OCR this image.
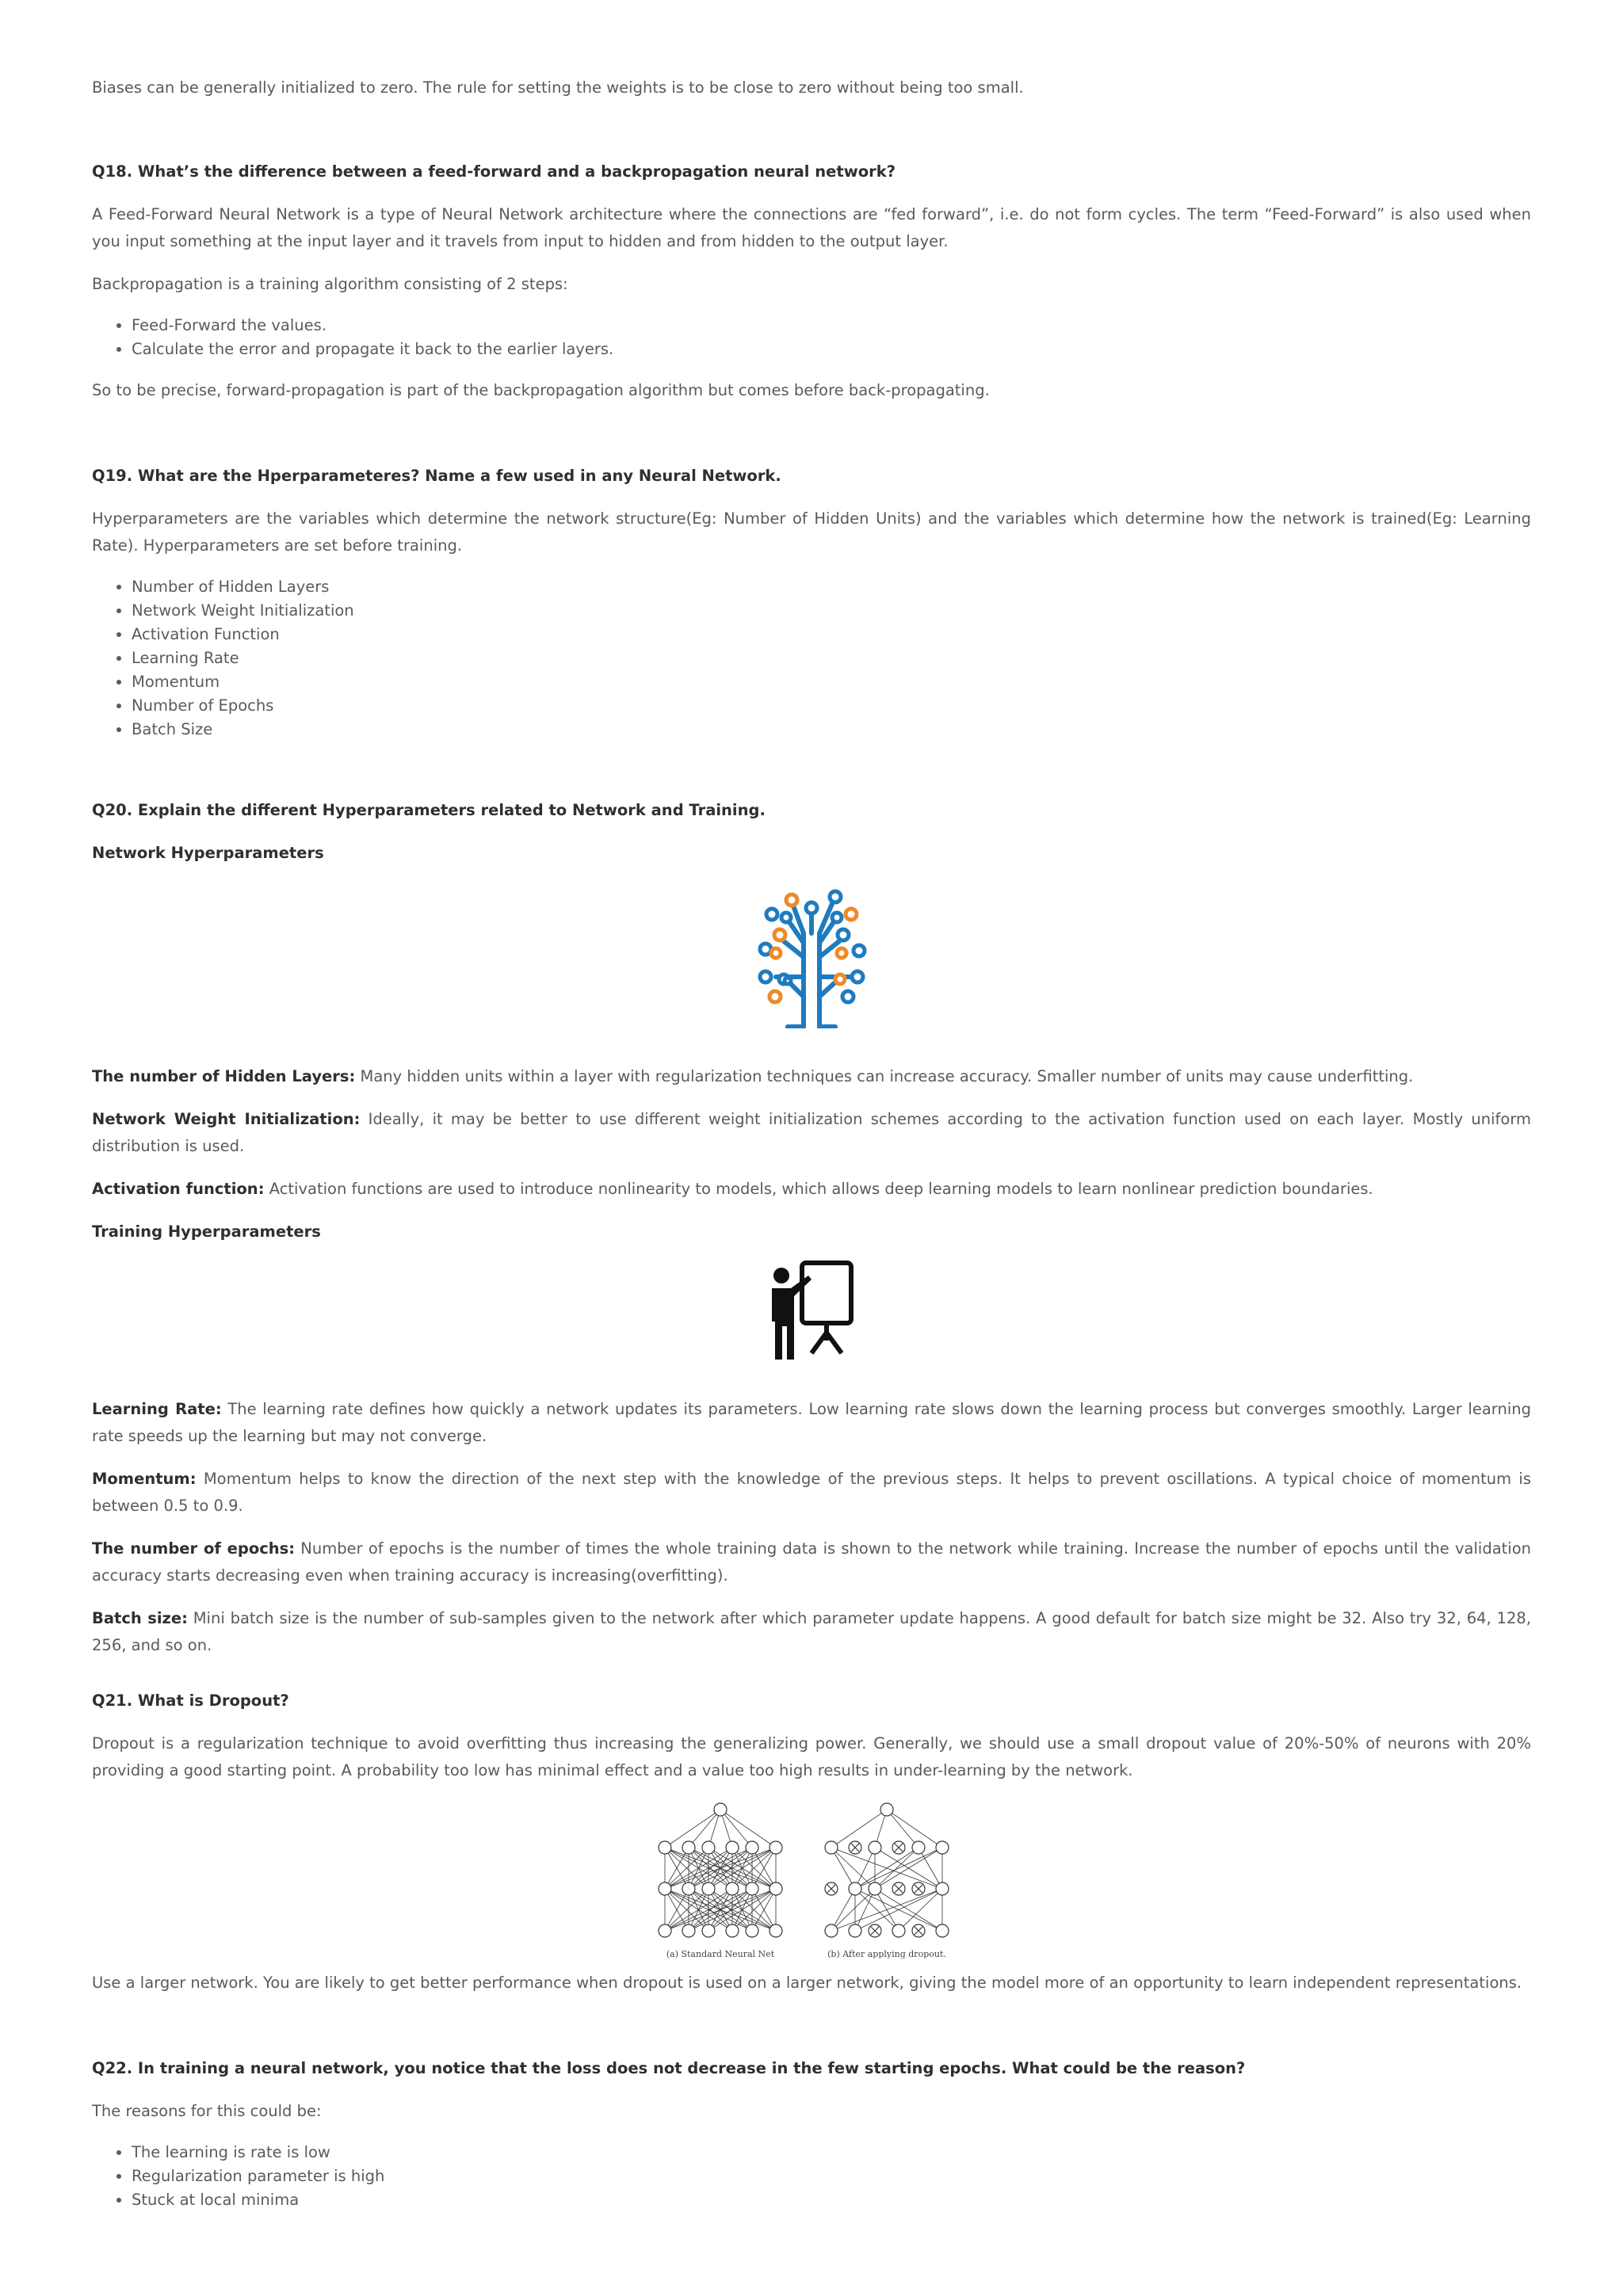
Biases can be generally initialized to zero. The rule for setting the weights is to be close to zero without being too small.

Q18. What’s the difference between a feed-forward and a backpropagation neural network?

A Feed-Forward Neural Network is a type of Neural Network architecture where the connections are “fed forward”, i.e. do not form cycles. The term “Feed-Forward” is also used when you input something at the input layer and it travels from input to hidden and from hidden to the output layer.

Backpropagation is a training algorithm consisting of 2 steps:

• Feed-Forward the values.
• Calculate the error and propagate it back to the earlier layers.

So to be precise, forward-propagation is part of the backpropagation algorithm but comes before back-propagating.

Q19. What are the Hperparameteres? Name a few used in any Neural Network.

Hyperparameters are the variables which determine the network structure(Eg: Number of Hidden Units) and the variables which determine how the network is trained(Eg: Learning Rate). Hyperparameters are set before training.

• Number of Hidden Layers
• Network Weight Initialization
• Activation Function
• Learning Rate
• Momentum
• Number of Epochs
• Batch Size
Q20. Explain the different Hyperparameters related to Network and Training.
Network Hyperparameters

The number of Hidden Layers: Many hidden units within a layer with regularization techniques can increase accuracy. Smaller number of units may cause underfitting.

Network Weight Initialization: Ideally, it may be better to use different weight initialization schemes according to the activation function used on each layer. Mostly uniform distribution is used.

Activation function: Activation functions are used to introduce nonlinearity to models, which allows deep learning models to learn nonlinear prediction boundaries.

Training Hyperparameters

Learning Rate: The learning rate defines how quickly a network updates its parameters. Low learning rate slows down the learning process but converges smoothly. Larger learning rate speeds up the learning but may not converge.

Momentum: Momentum helps to know the direction of the next step with the knowledge of the previous steps. It helps to prevent oscillations. A typical choice of momentum is between 0.5 to 0.9.

The number of epochs: Number of epochs is the number of times the whole training data is shown to the network while training. Increase the number of epochs until the validation accuracy starts decreasing even when training accuracy is increasing(overfitting).

Batch size: Mini batch size is the number of sub-samples given to the network after which parameter update happens. A good default for batch size might be 32. Also try 32, 64, 128, 256, and so on.

Q21. What is Dropout?

Dropout is a regularization technique to avoid overfitting thus increasing the generalizing power. Generally, we should use a small dropout value of 20%-50% of neurons with 20% providing a good starting point. A probability too low has minimal effect and a value too high results in under-learning by the network.

(a) Standard Neural Net	(b) After applying dropout.

Use a larger network. You are likely to get better performance when dropout is used on a larger network, giving the model more of an opportunity to learn independent representations.

Q22. In training a neural network, you notice that the loss does not decrease in the few starting epochs. What could be the reason?

The reasons for this could be:

• The learning is rate is low
• Regularization parameter is high
• Stuck at local minima
